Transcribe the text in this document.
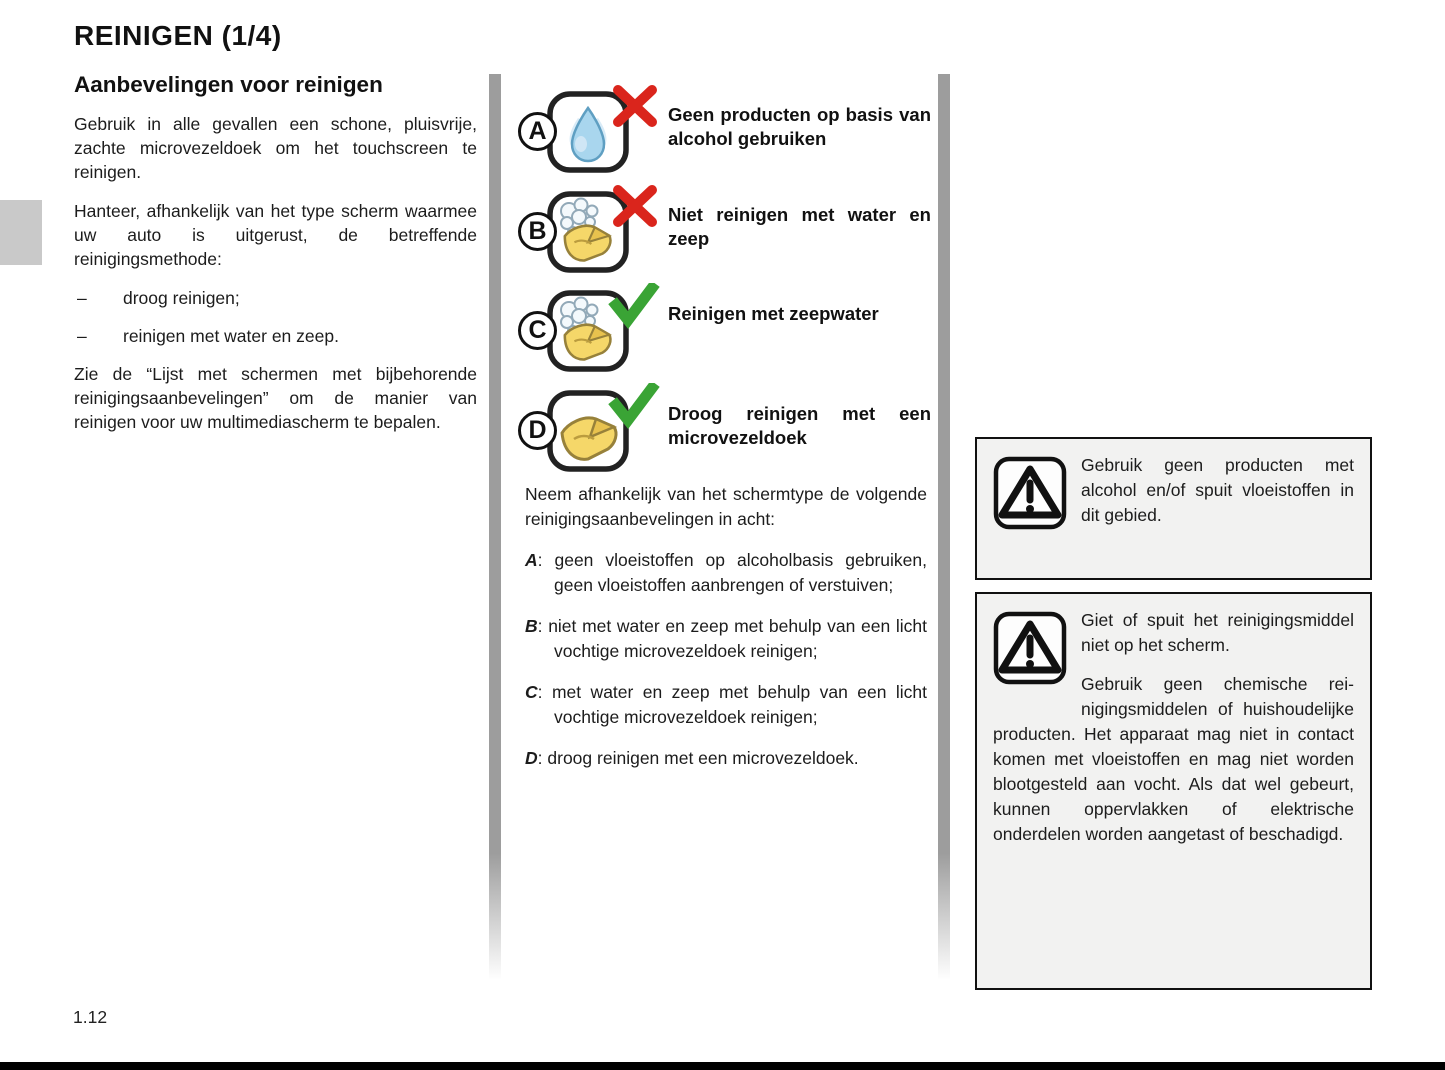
REINIGEN (1/4)
Aanbevelingen voor reinigen

Gebruik in alle gevallen een schone, pluisvrije, zachte microvezeldoek om het touchscreen te reinigen.

Hanteer, afhankelijk van het type scherm waarmee uw auto is uitgerust, de betreffende reinigingsmethode:

–	droog reinigen;
–	reinigen met water en zeep.

Zie de “Lijst met schermen met bijbehorende reinigingsaanbevelingen” om de manier van reinigen voor uw multimediascherm te bepalen.

A
Geen producten op basis van alcohol gebruiken
B
Niet reinigen met water en zeep
C
Reinigen met zeepwater
D
Droog reinigen met een microvezeldoek

Neem afhankelijk van het schermtype de volgende reinigingsaanbevelingen in acht:

A: geen vloeistoffen op alcoholbasis gebruiken, geen vloeistoffen aanbrengen of verstuiven;
B: niet met water en zeep met behulp van een licht vochtige microvezeldoek reinigen;
C: met water en zeep met behulp van een licht vochtige microvezeldoek reinigen;
D: droog reinigen met een microvezeldoek.

Gebruik geen producten met alcohol en/of spuit vloeistoffen in dit gebied.

Giet of spuit het reinigingsmiddel niet op het scherm.

Gebruik geen chemische reinigingsmiddelen of huishoudelijke producten. Het apparaat mag niet in contact komen met vloeistoffen en mag niet worden blootgesteld aan vocht. Als dat wel gebeurt, kunnen oppervlakken of elektrische onderdelen worden aangetast of beschadigd.

1.12
